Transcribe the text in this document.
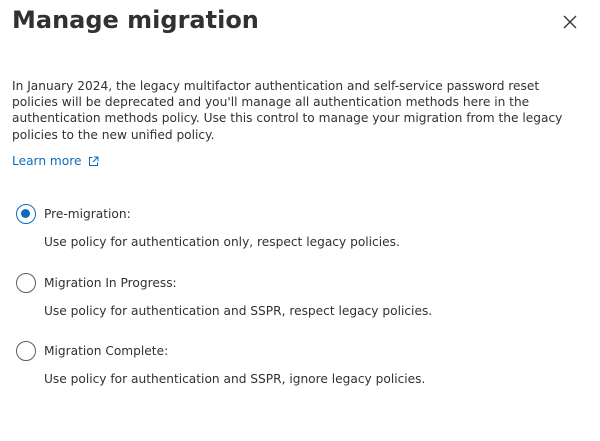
Manage migration
In January 2024, the legacy multifactor authentication and self-service password reset policies will be deprecated and you'll manage all authentication methods here in the authentication methods policy. Use this control to manage your migration from the legacy policies to the new unified policy.
Learn more
Pre-migration:
Use policy for authentication only, respect legacy policies.
Migration In Progress:
Use policy for authentication and SSPR, respect legacy policies.
Migration Complete:
Use policy for authentication and SSPR, ignore legacy policies.
